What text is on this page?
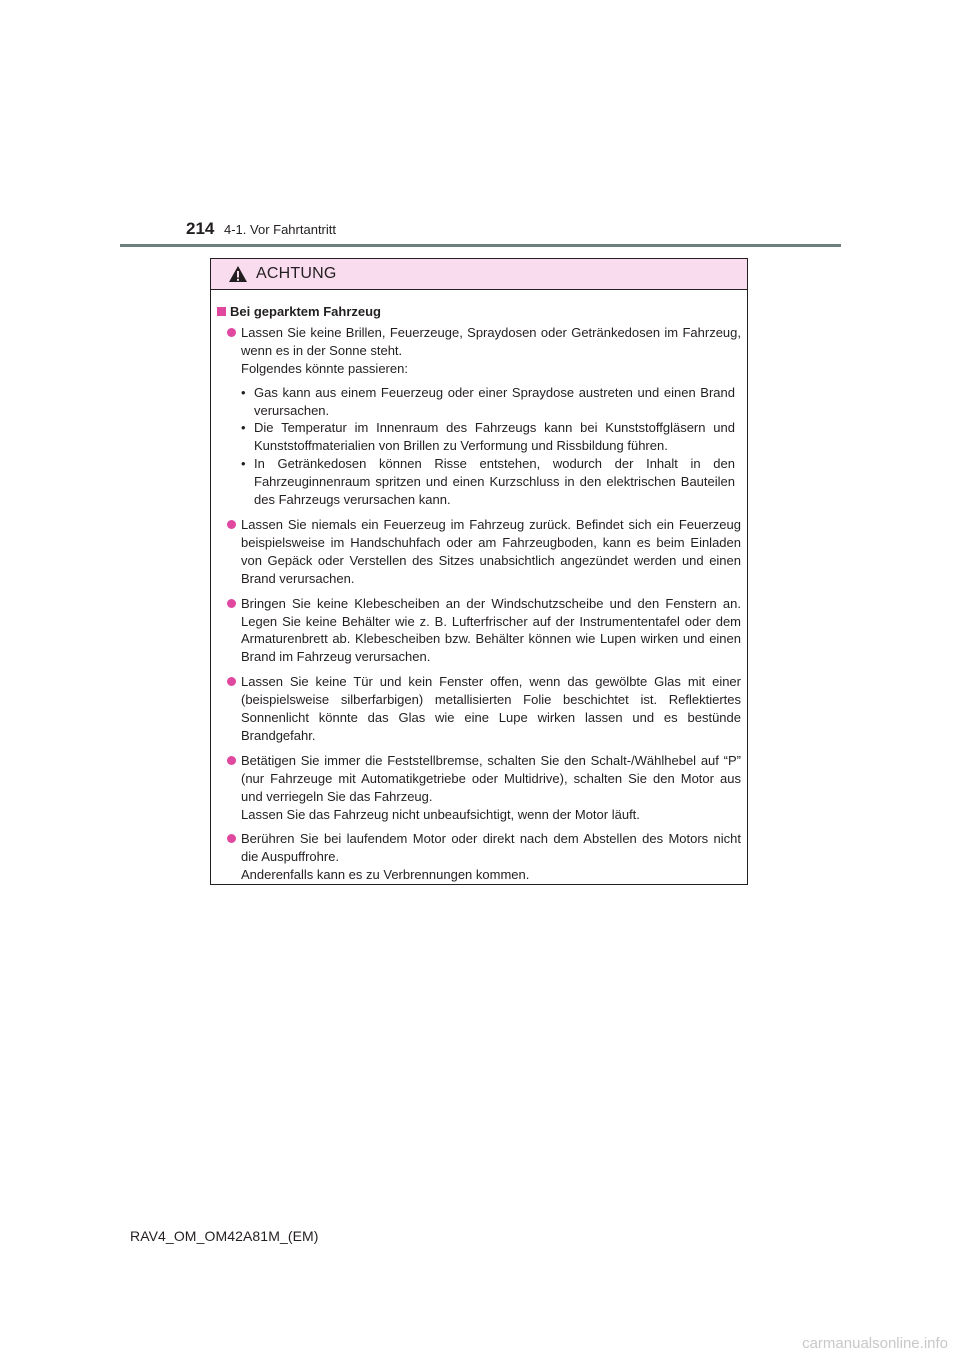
214 4-1. Vor Fahrtantritt
ACHTUNG
Bei geparktem Fahrzeug

Lassen Sie keine Brillen, Feuerzeuge, Spraydosen oder Getränkedosen im Fahrzeug, wenn es in der Sonne steht.

Folgendes könnte passieren:

• Gas kann aus einem Feuerzeug oder einer Spraydose austreten und einen Brand verursachen.
• Die Temperatur im Innenraum des Fahrzeugs kann bei Kunststoffgläsern und Kunststoffmaterialien von Brillen zu Verformung und Rissbildung führen.
• In Getränkedosen können Risse entstehen, wodurch der Inhalt in den Fahrzeuginnenraum spritzen und einen Kurzschluss in den elektrischen Bauteilen des Fahrzeugs verursachen kann.

Lassen Sie niemals ein Feuerzeug im Fahrzeug zurück. Befindet sich ein Feuerzeug beispielsweise im Handschuhfach oder am Fahrzeugboden, kann es beim Einladen von Gepäck oder Verstellen des Sitzes unabsichtlich angezündet werden und einen Brand verursachen.

Bringen Sie keine Klebescheiben an der Windschutzscheibe und den Fenstern an. Legen Sie keine Behälter wie z. B. Lufterfrischer auf der Instrumententafel oder dem Armaturenbrett ab. Klebescheiben bzw. Behälter können wie Lupen wirken und einen Brand im Fahrzeug verursachen.

Lassen Sie keine Tür und kein Fenster offen, wenn das gewölbte Glas mit einer (beispielsweise silberfarbigen) metallisierten Folie beschichtet ist. Reflektiertes Sonnenlicht könnte das Glas wie eine Lupe wirken lassen und es bestünde Brandgefahr.

Betätigen Sie immer die Feststellbremse, schalten Sie den Schalt-/Wählhebel auf “P” (nur Fahrzeuge mit Automatikgetriebe oder Multidrive), schalten Sie den Motor aus und verriegeln Sie das Fahrzeug.

Lassen Sie das Fahrzeug nicht unbeaufsichtigt, wenn der Motor läuft.

Berühren Sie bei laufendem Motor oder direkt nach dem Abstellen des Motors nicht die Auspuffrohre.

Anderenfalls kann es zu Verbrennungen kommen.

RAV4_OM_OM42A81M_(EM)
carmanualsonline.info
